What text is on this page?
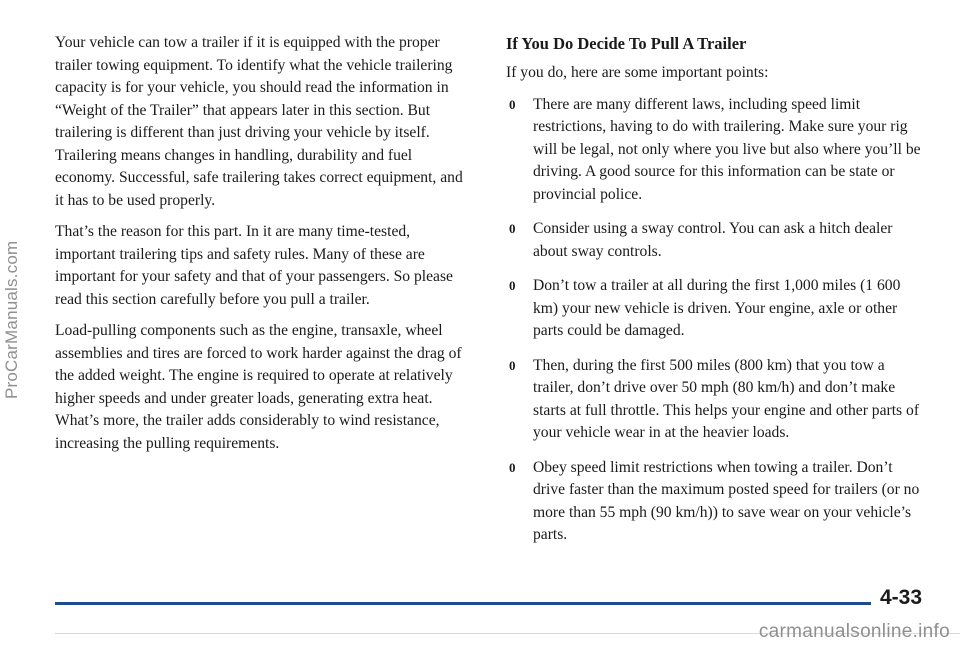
ProCarManuals.com

Your vehicle can tow a trailer if it is equipped with the proper trailer towing equipment. To identify what the vehicle trailering capacity is for your vehicle, you should read the information in “Weight of the Trailer” that appears later in this section. But trailering is different than just driving your vehicle by itself. Trailering means changes in handling, durability and fuel economy. Successful, safe trailering takes correct equipment, and it has to be used properly.

That’s the reason for this part. In it are many time-tested, important trailering tips and safety rules. Many of these are important for your safety and that of your passengers. So please read this section carefully before you pull a trailer.

Load-pulling components such as the engine, transaxle, wheel assemblies and tires are forced to work harder against the drag of the added weight. The engine is required to operate at relatively higher speeds and under greater loads, generating extra heat. What’s more, the trailer adds considerably to wind resistance, increasing the pulling requirements.

If You Do Decide To Pull A Trailer

If you do, here are some important points:

0 There are many different laws, including speed limit restrictions, having to do with trailering. Make sure your rig will be legal, not only where you live but also where you’ll be driving. A good source for this information can be state or provincial police.
0 Consider using a sway control. You can ask a hitch dealer about sway controls.
0 Don’t tow a trailer at all during the first 1,000 miles (1 600 km) your new vehicle is driven. Your engine, axle or other parts could be damaged.
0 Then, during the first 500 miles (800 km) that you tow a trailer, don’t drive over 50 mph (80 km/h) and don’t make starts at full throttle. This helps your engine and other parts of your vehicle wear in at the heavier loads.
0 Obey speed limit restrictions when towing a trailer. Don’t drive faster than the maximum posted speed for trailers (or no more than 55 mph (90 km/h)) to save wear on your vehicle’s parts.
4-33
carmanualsonline.info
